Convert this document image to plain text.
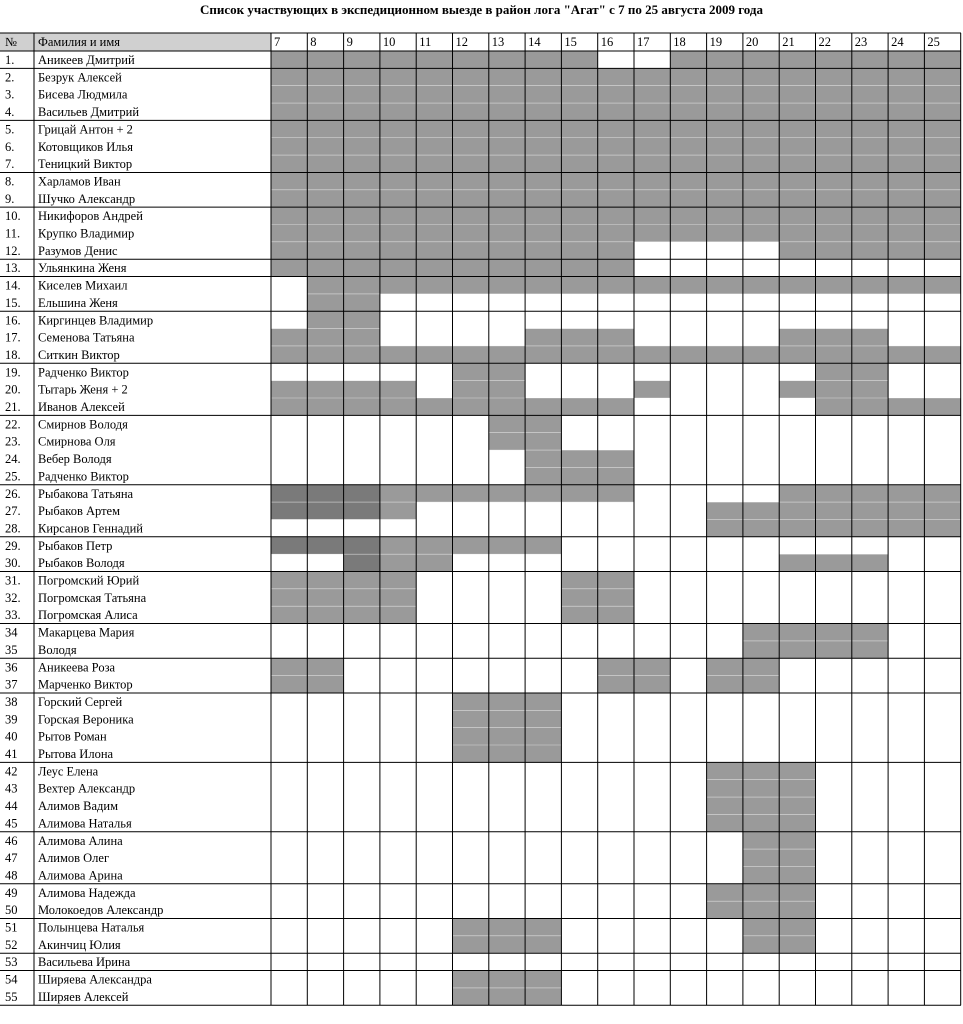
Список участвующих в экспедиционном выезде в район лога "Агат" с 7 по 25 августа 2009 года
№ Фамилия и имя	7 8 9 10 11 12 13 14 15 16 17 18 19 20 21 22 23 24 25
1. Аникеев Дмитрий
2. Безрук Алексей
3. Бисева Людмила
4. Васильев Дмитрий
5. Грицай Антон + 2
6. Котовщиков Илья
7. Теницкий Виктор
8. Харламов Иван
9. Шучко Александр
10. Никифоров Андрей
11. Крупко Владимир
12. Разумов Денис
13. Ульянкина Женя
14. Киселев Михаил
15. Ельшина Женя
16. Киргинцев Владимир
17. Семенова Татьяна
18. Ситкин Виктор
19. Радченко Виктор
20. Тытарь Женя + 2
21. Иванов Алексей
22. Смирнов Володя
23. Смирнова Оля
24. Вебер Володя
25. Радченко Виктор
26. Рыбакова Татьяна
27. Рыбаков Артем
28. Кирсанов Геннадий
29. Рыбаков Петр
30. Рыбаков Володя
31. Погромский Юрий
32. Погромская Татьяна
33. Погромская Алиса
34 Макарцева Мария
35 Володя
36 Аникеева Роза
37 Марченко Виктор
38 Горский Сергей
39 Горская Вероника
40 Рытов Роман
41 Рытова Илона
42 Леус Елена
43 Вехтер Александр
44 Алимов Вадим
45 Алимова Наталья
46 Алимова Алина
47 Алимов Олег
48 Алимова Арина
49 Алимова Надежда
50 Молокоедов Александр
51 Полынцева Наталья
52 Акинчиц Юлия
53 Васильева Ирина
54 Ширяева Александра
55 Ширяев Алексей
